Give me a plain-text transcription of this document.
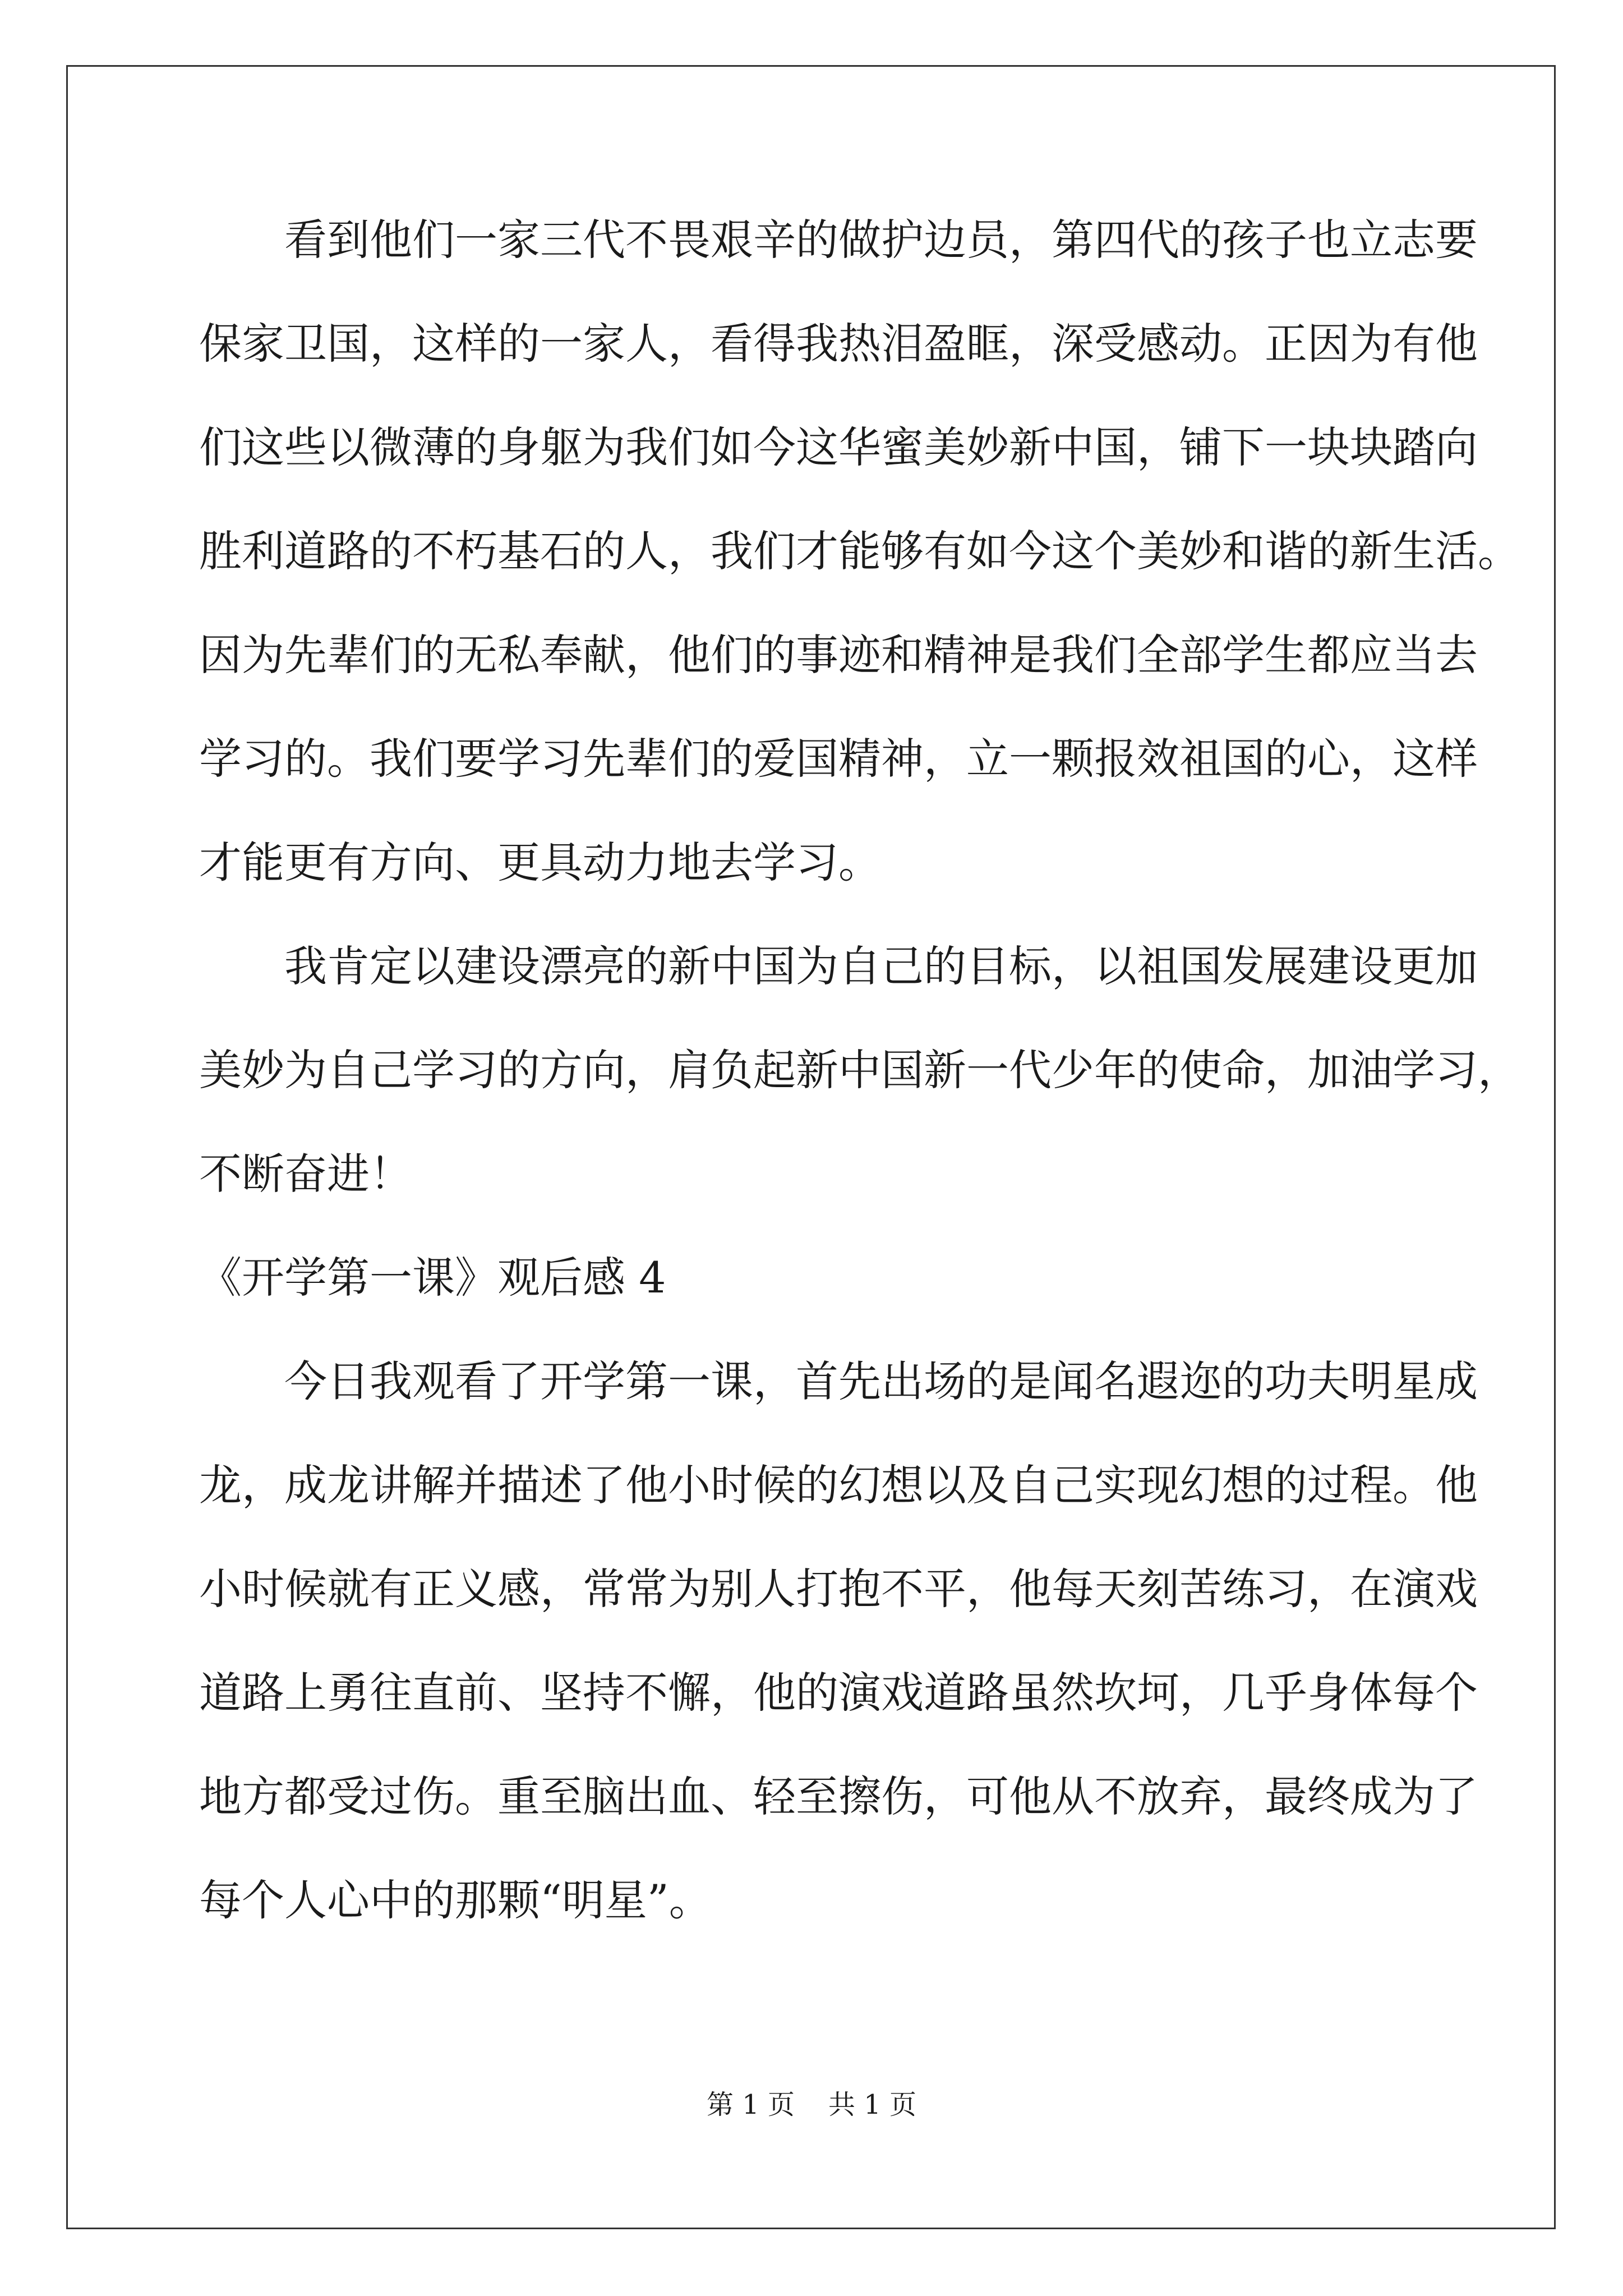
　　看到他们一家三代不畏艰辛的做护边员，第四代的孩子也立志要
保家卫国，这样的一家人，看得我热泪盈眶，深受感动。正因为有他
们这些以微薄的身躯为我们如今这华蜜美妙新中国，铺下一块块踏向
胜利道路的不朽基石的人，我们才能够有如今这个美妙和谐的新生活。
因为先辈们的无私奉献，他们的事迹和精神是我们全部学生都应当去
学习的。我们要学习先辈们的爱国精神，立一颗报效祖国的心，这样
才能更有方向、更具动力地去学习。
　　我肯定以建设漂亮的新中国为自己的目标，以祖国发展建设更加
美妙为自己学习的方向，肩负起新中国新一代少年的使命，加油学习，
不断奋进！
《开学第一课》观后感 4
　　今日我观看了开学第一课，首先出场的是闻名遐迩的功夫明星成
龙，成龙讲解并描述了他小时候的幻想以及自己实现幻想的过程。他
小时候就有正义感，常常为别人打抱不平，他每天刻苦练习，在演戏
道路上勇往直前、坚持不懈，他的演戏道路虽然坎坷，几乎身体每个
地方都受过伤。重至脑出血、轻至擦伤，可他从不放弃，最终成为了
每个人心中的那颗“明星”。
第 1 页 共 1 页
